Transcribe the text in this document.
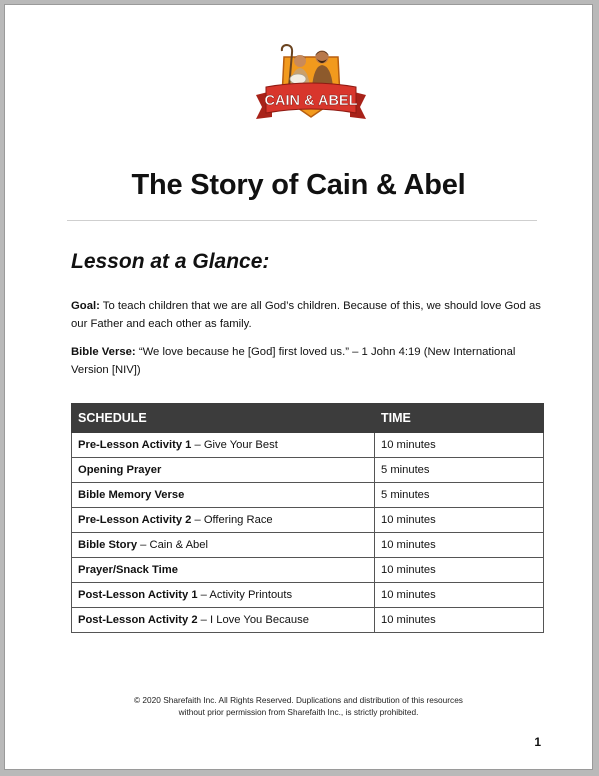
CAIN & ABEL
The Story of Cain & Abel
Lesson at a Glance:
Goal: To teach children that we are all God’s children. Because of this, we should love God as our Father and each other as family.
Bible Verse: “We love because he [God] first loved us.” – 1 John 4:19 (New International Version [NIV])
SCHEDULE	TIME
Pre-Lesson Activity 1 – Give Your Best	10 minutes
Opening Prayer	5 minutes
Bible Memory Verse	5 minutes
Pre-Lesson Activity 2 – Offering Race	10 minutes
Bible Story – Cain & Abel	10 minutes
Prayer/Snack Time	10 minutes
Post-Lesson Activity 1 – Activity Printouts	10 minutes
Post-Lesson Activity 2 – I Love You Because	10 minutes
© 2020 Sharefaith Inc. All Rights Reserved. Duplications and distribution of this resources
without prior permission from Sharefaith Inc., is strictly prohibited.
1
